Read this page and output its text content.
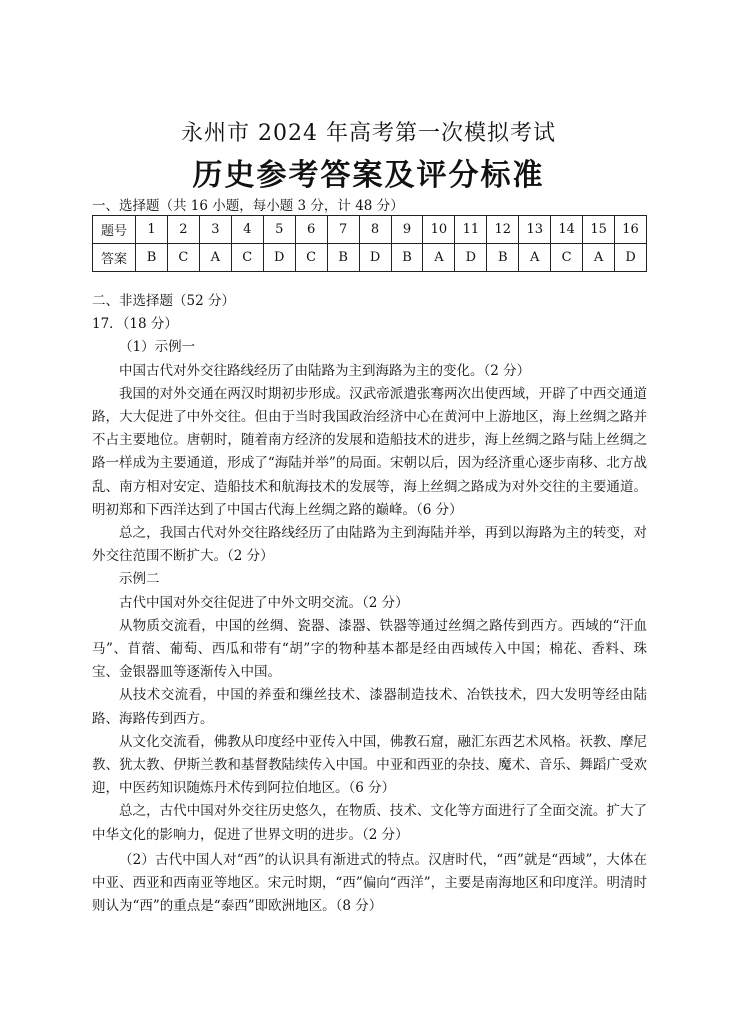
永州市 2024 年高考第一次模拟考试
历史参考答案及评分标准
一、选择题（共 16 小题，每小题 3 分，计 48 分）
题号	1	2	3	4	5	6	7	8	9	10	11	12	13	14	15	16
答案	B	C	A	C	D	C	B	D	B	A	D	B	A	C	A	D

二、非选择题（52 分）

17．（18 分）

（1）示例一

中国古代对外交往路线经历了由陆路为主到海路为主的变化。（2 分）

我国的对外交通在两汉时期初步形成。汉武帝派遣张骞两次出使西域，开辟了中西交通道路，大大促进了中外交往。但由于当时我国政治经济中心在黄河中上游地区，海上丝绸之路并不占主要地位。唐朝时，随着南方经济的发展和造船技术的进步，海上丝绸之路与陆上丝绸之路一样成为主要通道，形成了“海陆并举”的局面。宋朝以后，因为经济重心逐步南移、北方战乱、南方相对安定、造船技术和航海技术的发展等，海上丝绸之路成为对外交往的主要通道。明初郑和下西洋达到了中国古代海上丝绸之路的巅峰。（6 分）

总之，我国古代对外交往路线经历了由陆路为主到海陆并举，再到以海路为主的转变，对外交往范围不断扩大。（2 分）

示例二

古代中国对外交往促进了中外文明交流。（2 分）

从物质交流看，中国的丝绸、瓷器、漆器、铁器等通过丝绸之路传到西方。西域的“汗血马”、苜蓿、葡萄、西瓜和带有“胡”字的物种基本都是经由西域传入中国；棉花、香料、珠宝、金银器皿等逐渐传入中国。

从技术交流看，中国的养蚕和缫丝技术、漆器制造技术、冶铁技术，四大发明等经由陆路、海路传到西方。

从文化交流看，佛教从印度经中亚传入中国，佛教石窟，融汇东西艺术风格。祆教、摩尼教、犹太教、伊斯兰教和基督教陆续传入中国。中亚和西亚的杂技、魔术、音乐、舞蹈广受欢迎，中医药知识随炼丹术传到阿拉伯地区。（6 分）

总之，古代中国对外交往历史悠久，在物质、技术、文化等方面进行了全面交流。扩大了中华文化的影响力，促进了世界文明的进步。（2 分）

（2）古代中国人对“西”的认识具有渐进式的特点。汉唐时代，“西”就是“西域”，大体在中亚、西亚和西南亚等地区。宋元时期，“西”偏向“西洋”，主要是南海地区和印度洋。明清时则认为“西”的重点是“泰西”即欧洲地区。（8 分）
